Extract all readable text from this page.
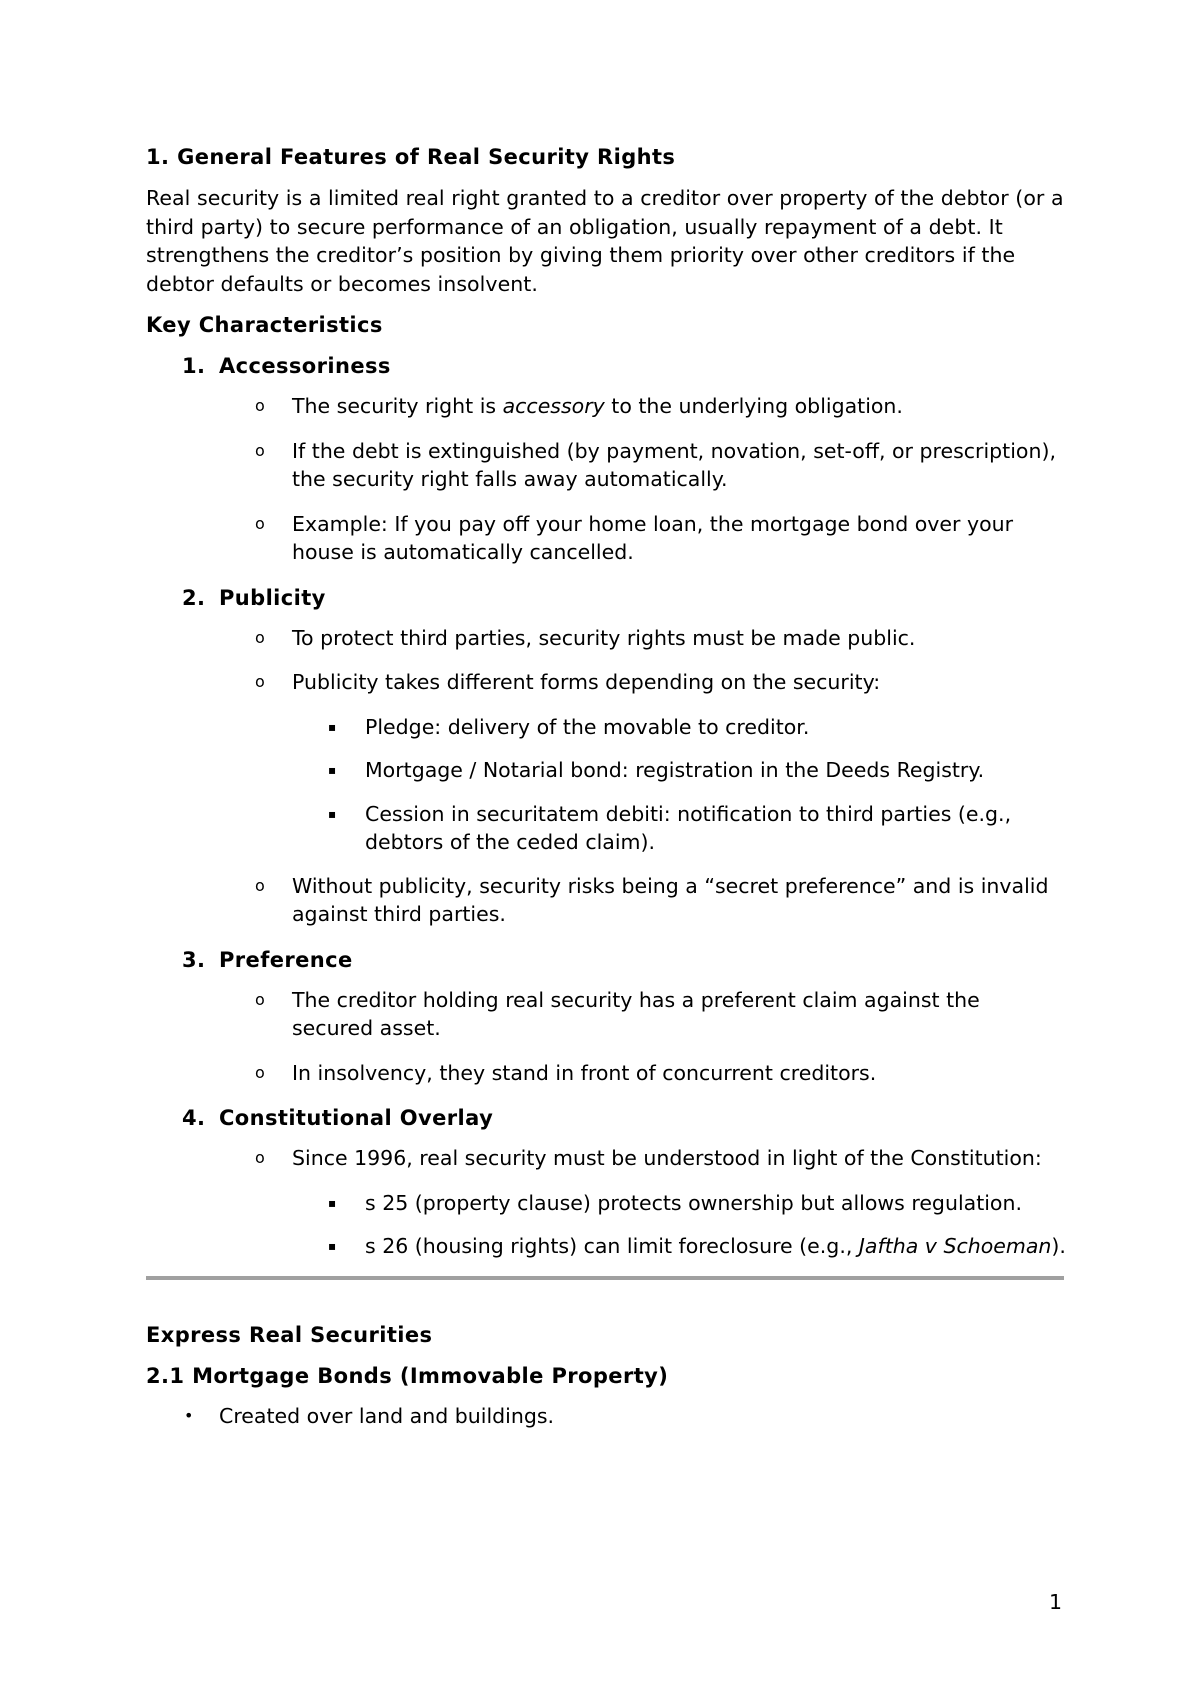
1. General Features of Real Security Rights

Real security is a limited real right granted to a creditor over property of the debtor (or a third party) to secure performance of an obligation, usually repayment of a debt. It strengthens the creditor’s position by giving them priority over other creditors if the debtor defaults or becomes insolvent.

Key Characteristics
1. Accessoriness
o The security right is accessory to the underlying obligation.
o If the debt is extinguished (by payment, novation, set-off, or prescription), the security right falls away automatically.
o Example: If you pay off your home loan, the mortgage bond over your house is automatically cancelled.
2. Publicity
o To protect third parties, security rights must be made public.
o Publicity takes different forms depending on the security:
▪ Pledge: delivery of the movable to creditor.
▪ Mortgage / Notarial bond: registration in the Deeds Registry.
▪ Cession in securitatem debiti: notification to third parties (e.g., debtors of the ceded claim).
o Without publicity, security risks being a “secret preference” and is invalid against third parties.
3. Preference
o The creditor holding real security has a preferent claim against the secured asset.
o In insolvency, they stand in front of concurrent creditors.
4. Constitutional Overlay
o Since 1996, real security must be understood in light of the Constitution:
▪ s 25 (property clause) protects ownership but allows regulation.
▪ s 26 (housing rights) can limit foreclosure (e.g., Jaftha v Schoeman).
Express Real Securities
2.1 Mortgage Bonds (Immovable Property)
• Created over land and buildings.
1
